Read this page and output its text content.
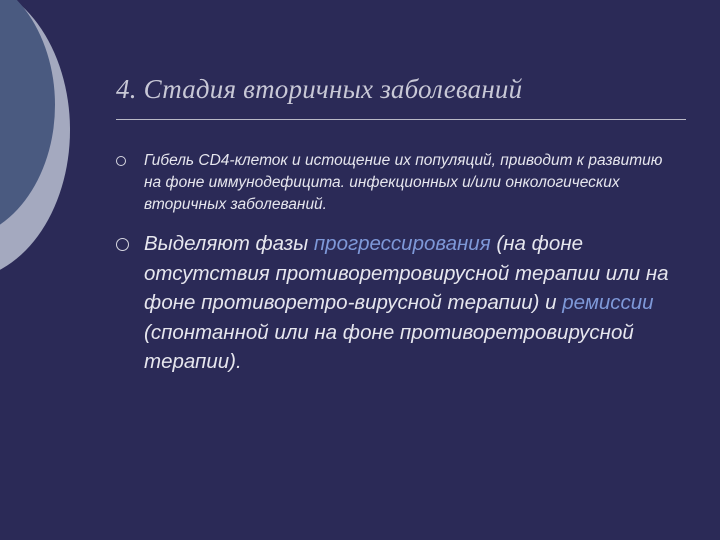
4. Стадия вторичных заболеваний
Гибель CD4-клеток и истощение их популяций, приводит к развитию на фоне иммунодефицита. инфекционных и/или онкологических вторичных заболеваний.
Выделяют фазы прогрессирования (на фоне отсутствия противоретровирусной терапии или на фоне противоретро-вирусной терапии) и ремиссии (спонтанной или на фоне противоретровирусной терапии).
